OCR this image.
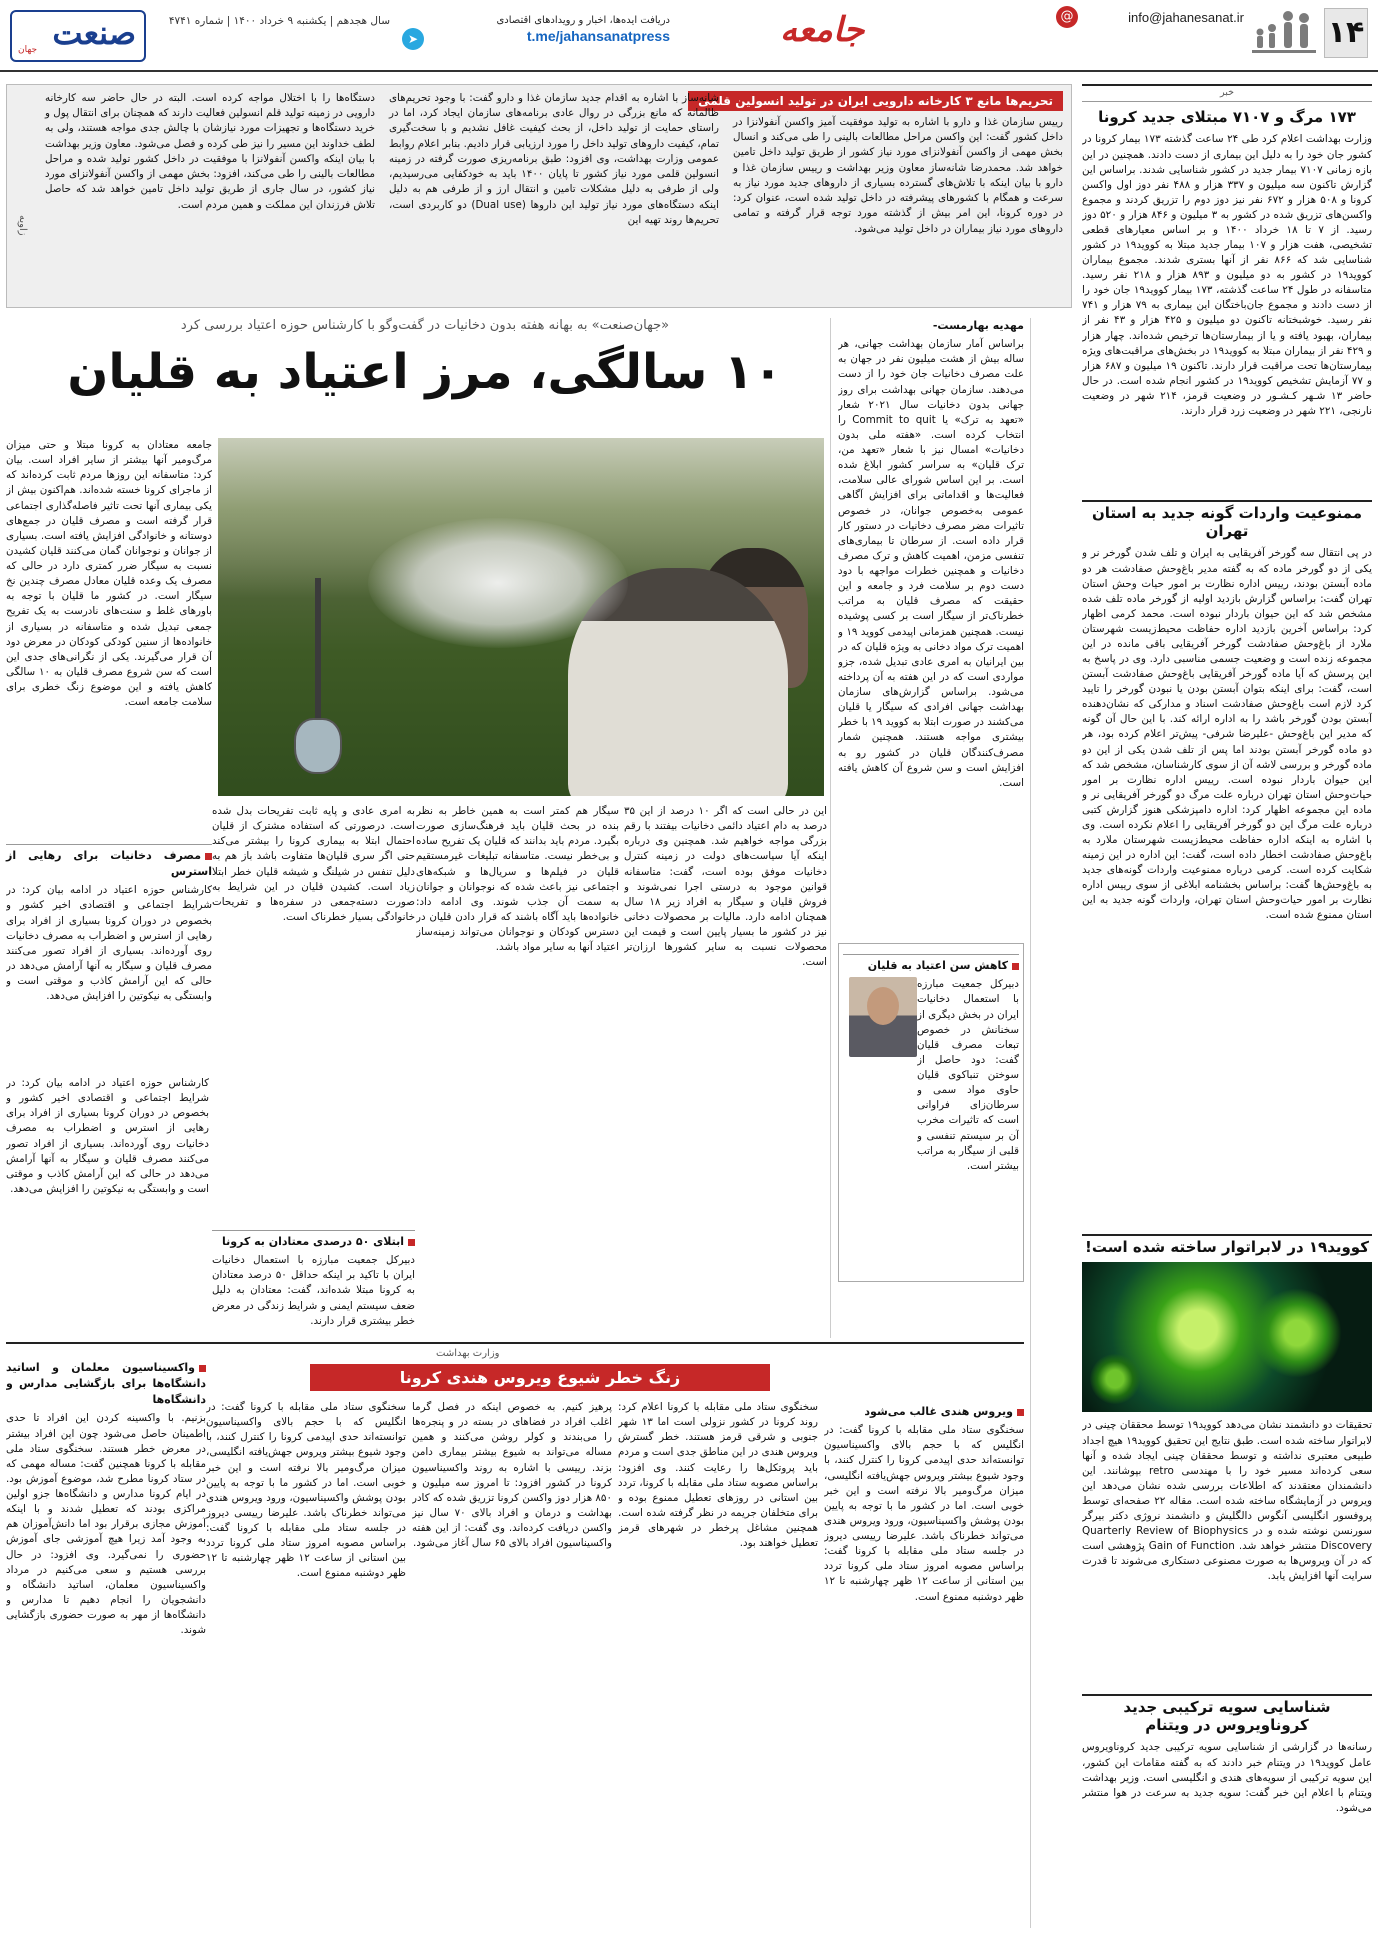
۱۴
@	info@jahanesanat.ir
جامعه
دریافت ایده‌ها، اخبار و رویدادهای اقتصادی
t.me/jahansanatpress
➤
سال هجدهم | یکشنبه ۹ خرداد ۱۴۰۰ | شماره ۴۷۴۱
صنعت
جهان
خبر
۱۷۳ مرگ و ۷۱۰۷ مبتلای جدید کرونا
وزارت بهداشت اعلام کرد طی ۲۴ ساعت گذشته ۱۷۳ بیمار کرونا در کشور جان خود را به دلیل این بیماری از دست دادند. همچنین در این بازه زمانی ۷۱۰۷ بیمار جدید در کشور شناسایی شدند. براساس این گزارش تاکنون سه میلیون و ۳۳۷ هزار و ۴۸۸ نفر دوز اول واکسن کرونا و ۵۰۸ هزار و ۶۷۲ نفر نیز دوز دوم را تزریق کردند و مجموع واکسن‌های تزریق شده در کشور به ۳ میلیون و ۸۴۶ هزار و ۵۲۰ دوز رسید. از ۷ تا ۱۸ خرداد ۱۴۰۰ و بر اساس معیارهای قطعی تشخیصی، هفت هزار و ۱۰۷ بیمار جدید مبتلا به کووید۱۹ در کشور شناسایی شد که ۸۶۶ نفر از آنها بستری شدند. مجموع بیماران کووید۱۹ در کشور به دو میلیون و ۸۹۳ هزار و ۲۱۸ نفر رسید. متاسفانه در طول ۲۴ ساعت گذشته، ۱۷۳ بیمار کووید۱۹ جان خود را از دست دادند و مجموع جان‌باختگان این بیماری به ۷۹ هزار و ۷۴۱ نفر رسید. خوشبختانه تاکنون دو میلیون و ۴۲۵ هزار و ۴۳ نفر از بیماران، بهبود یافته و یا از بیمارستان‌ها ترخیص شده‌اند. چهار هزار و ۴۲۹ نفر از بیماران مبتلا به کووید۱۹ در بخش‌های مراقبت‌های ویژه بیمارستان‌ها تحت مراقبت قرار دارند. تاکنون ۱۹ میلیون و ۶۸۷ هزار و ۷۷ آزمایش تشخیص کووید۱۹ در کشور انجام شده است. در حال حاضر ۱۳ شـهر کـشـور در وضعیت قرمز، ۲۱۴ شهر در وضعیت نارنجی، ۲۲۱ شهر در وضعیت زرد قرار دارند.
ممنوعیت واردات گونه جدید به استان تهران
در پی انتقال سه گورخر آفریقایی به ایران و تلف شدن گورخر نر و یکی از دو گورخر ماده که به گفته مدیر باغ‌وحش صفادشت هر دو ماده آبستن بودند، رییس اداره نظارت بر امور حیات وحش استان تهران گفت: براساس گزارش بازدید اولیه از گورخر ماده تلف شده مشخص شد که این حیوان باردار نبوده است. محمد کرمی اظهار کرد: براساس آخرین بازدید اداره حفاظت محیط‌زیست شهرستان ملارد از باغ‌وحش صفادشت گورخر آفریقایی باقی مانده در این مجموعه زنده است و وضعیت جسمی مناسبی دارد. وی در پاسخ به این پرسش که آیا ماده گورخر آفریقایی باغ‌وحش صفادشت آبستن است، گفت: برای اینکه بتوان آبستن بودن یا نبودن گورخر را تایید کرد لازم است باغ‌وحش صفادشت اسناد و مدارکی که نشان‌دهنده آبستن بودن گورخر باشد را به اداره ارائه کند. با این حال آن گونه که مدیر این باغ‌وحش -علیرضا شرفی- پیش‌تر اعلام کرده بود، هر دو ماده گورخر آبستن بودند اما پس از تلف شدن یکی از این دو ماده گورخر و بررسی لاشه آن از سوی کارشناسان، مشخص شد که این حیوان باردار نبوده است. رییس اداره نظارت بر امور حیات‌وحش استان تهران درباره علت مرگ دو گورخر آفریقایی نر و ماده این مجموعه اظهار کرد: اداره دامپزشکی هنوز گزارش کتبی درباره علت مرگ این دو گورخر آفریقایی را اعلام نکرده است. وی با اشاره به اینکه اداره حفاظت محیط‌زیست شهرستان ملارد به باغ‌وحش صفادشت اخطار داده است، گفت: این اداره در این زمینه شکایت کرده است. کرمی درباره ممنوعیت واردات گونه‌های جدید به باغ‌وحش‌ها گفت: براساس بخشنامه ابلاغی از سوی رییس اداره نظارت بر امور حیات‌وحش استان تهران، واردات گونه جدید به این استان ممنوع شده است.
کووید۱۹ در لابراتوار ساخته شده است!
تحقیقات دو دانشمند نشان می‌دهد کووید۱۹ توسط محققان چینی در لابراتوار ساخته شده است. طبق نتایج این تحقیق کووید۱۹ هیچ اجداد طبیعی معتبری نداشته و توسط محققان چینی ایجاد شده و آنها سعی کرده‌اند مسیر خود را با مهندسی retro بپوشانند. این دانشمندان معتقدند که اطلاعات بررسی شده نشان می‌دهد این ویروس در آزمایشگاه ساخته شده است. مقاله ۲۲ صفحه‌ای توسط پروفسور انگلیسی آنگوس دالگلیش و دانشمند نروژی دکتر بیرگر سورنسن نوشته شده و در Quarterly Review of Biophysics Discovery منتشر خواهد شد. Gain of Function پژوهشی است که در آن ویروس‌ها به صورت مصنوعی دستکاری می‌شوند تا قدرت سرایت آنها افزایش یابد.
شناسایی سویه ترکیبی جدید کروناویروس در ویتنام
رسانه‌ها در گزارشی از شناسایی سویه ترکیبی جدید کروناویروس عامل کووید۱۹ در ویتنام خبر دادند که به گفته مقامات این کشور، این سویه ترکیبی از سویه‌های هندی و انگلیسی است. وزیر بهداشت ویتنام با اعلام این خبر گفت: سویه جدید به سرعت در هوا منتشر می‌شود.
تحریم‌ها مانع ۳ کارخانه دارویی ایران در تولید انسولین قلمی
رییس سازمان غذا و دارو با اشاره به تولید موفقیت آمیز واکسن آنفولانزا در داخل کشور گفت: این واکسن مراحل مطالعات بالینی را طی می‌کند و انسال بخش مهمی از واکسن آنفولانزای مورد نیاز کشور از طریق تولید داخل تامین خواهد شد. محمدرضا شانه‌ساز معاون وزیر بهداشت و رییس سازمان غذا و دارو با بیان اینکه با تلاش‌های گسترده بسیاری از داروهای جدید مورد نیاز به سرعت و همگام با کشورهای پیشرفته در داخل تولید شده است، عنوان کرد: در دوره کرونا، این امر بیش از گذشته مورد توجه قرار گرفته و تمامی داروهای مورد نیاز بیماران در داخل تولید می‌شود.
شانه‌ساز با اشاره به اقدام جدید سازمان غذا و دارو گفت: با وجود تحریم‌های ظالمانه که مانع بزرگی در روال عادی برنامه‌های سازمان ایجاد کرد، اما در راستای حمایت از تولید داخل، از بحث کیفیت غافل نشدیم و با سخت‌گیری تمام، کیفیت داروهای تولید داخل را مورد ارزیابی قرار دادیم. بنابر اعلام روابط عمومی وزارت بهداشت، وی افزود: طبق برنامه‌ریزی صورت گرفته در زمینه انسولین قلمی مورد نیاز کشور تا پایان ۱۴۰۰ باید به خودکفایی می‌رسیدیم، ولی از طرفی به دلیل مشکلات تامین و انتقال ارز و از طرفی هم به دلیل اینکه دستگاه‌های مورد نیاز تولید این داروها (Dual use) دو کاربردی است، تحریم‌ها روند تهیه این
دستگاه‌ها را با اختلال مواجه کرده است. البته در حال حاضر سه کارخانه دارویی در زمینه تولید قلم انسولین فعالیت دارند که همچنان برای انتقال پول و خرید دستگاه‌ها و تجهیزات مورد نیازشان با چالش جدی مواجه هستند، ولی به لطف خداوند این مسیر را نیز طی کرده و فصل می‌شود. معاون وزیر بهداشت با بیان اینکه واکسن آنفولانزا با موفقیت در داخل کشور تولید شده و مراحل مطالعات بالینی را طی می‌کند، افزود: بخش مهمی از واکسن آنفولانزای مورد نیاز کشور، در سال جاری از طریق تولید داخل تامین خواهد شد که حاصل تلاش فرزندان این مملکت و همین مردم است.
زاویه
«جهان‌صنعت» به بهانه هفته بدون دخانیات در گفت‌وگو با کارشناس حوزه اعتیاد بررسی کرد
۱۰ سالگی، مرز اعتیاد به قلیان
مهدیه بهارمست-
براساس آمار سازمان بهداشت جهانی، هر ساله بیش از هشت میلیون نفر در جهان به علت مصرف دخانیات جان خود را از دست می‌دهند. سازمان جهانی بهداشت برای روز جهانی بدون دخانیات سال ۲۰۲۱ شعار «تعهد به ترک» یا Commit to quit را انتخاب کرده است. «هفته ملی بدون دخانیات» امسال نیز با شعار «تعهد من، ترک قلیان» به سراسر کشور ابلاغ شده است. بر این اساس شورای عالی سلامت، فعالیت‌ها و اقداماتی برای افزایش آگاهی عمومی به‌خصوص جوانان، در خصوص تاثیرات مضر مصرف دخانیات در دستور کار قرار داده است. از سرطان تا بیماری‌های تنفسی مزمن، اهمیت کاهش و ترک مصرف دخانیات و همچنین خطرات مواجهه با دود دست دوم بر سلامت فرد و جامعه و این حقیقت که مصرف قلیان به مراتب خطرناک‌تر از سیگار است بر کسی پوشیده نیست. همچنین همزمانی اپیدمی کووید ۱۹ و اهمیت ترک مواد دخانی به ویژه قلیان که در بین ایرانیان به امری عادی تبدیل شده، جزو مواردی است که در این هفته به آن پرداخته می‌شود. براساس گزارش‌های سازمان بهداشت جهانی افرادی که سیگار یا قلیان می‌کشند در صورت ابتلا به کووید ۱۹ با خطر بیشتری مواجه هستند. همچنین شمار مصرف‌کنندگان قلیان در کشور رو به افزایش است و سن شروع آن کاهش یافته است.
کاهش سن اعتیاد به قلیان
دبیرکل جمعیت مبارزه با استعمال دخانیات ایران در بخش دیگری از سخنانش در خصوص تبعات مصرف قلیان گفت: دود حاصل از سوختن تنباکوی قلیان حاوی مواد سمی و سرطان‌زای فراوانی است که تاثیرات مخرب آن بر سیستم تنفسی و قلبی از سیگار به مراتب بیشتر است.
جامعه معتادان به کرونا مبتلا و حتی میزان مرگ‌ومیر آنها بیشتر از سایر افراد است. بیان کرد: متاسفانه این روزها مردم ثابت کرده‌اند که از ماجرای کرونا خسته شده‌اند. هم‌اکنون بیش از یکی بیماری آنها تحت تاثیر فاصله‌گذاری اجتماعی قرار گرفته است و مصرف قلیان در جمع‌های دوستانه و خانوادگی افزایش یافته است. بسیاری از جوانان و نوجوانان گمان می‌کنند قلیان کشیدن نسبت به سیگار ضرر کمتری دارد در حالی که مصرف یک وعده قلیان معادل مصرف چندین نخ سیگار است. در کشور ما قلیان با توجه به باورهای غلط و سنت‌های نادرست به یک تفریح جمعی تبدیل شده و متاسفانه در بسیاری از خانواده‌ها از سنین کودکی کودکان در معرض دود آن قرار می‌گیرند. یکی از نگرانی‌های جدی این است که سن شروع مصرف قلیان به ۱۰ سالگی کاهش یافته و این موضوع زنگ خطری برای سلامت جامعه است.
مصرف دخانیات برای رهایی از استرس
کارشناس حوزه اعتیاد در ادامه بیان کرد: در شرایط اجتماعی و اقتصادی اخیر کشور و بخصوص در دوران کرونا بسیاری از افراد برای رهایی از استرس و اضطراب به مصرف دخانیات روی آورده‌اند. بسیاری از افراد تصور می‌کنند مصرف قلیان و سیگار به آنها آرامش می‌دهد در حالی که این آرامش کاذب و موقتی است و وابستگی به نیکوتین را افزایش می‌دهد.
این در حالی است که اگر ۱۰ درصد از این ۳۵ درصد به دام اعتیاد دائمی دخانیات بیفتند با رقم بزرگی مواجه خواهیم شد. همچنین وی درباره اینکه آیا سیاست‌های دولت در زمینه کنترل دخانیات موفق بوده است، گفت: متاسفانه قوانین موجود به درستی اجرا نمی‌شوند و فروش قلیان و سیگار به افراد زیر ۱۸ سال همچنان ادامه دارد. مالیات بر محصولات دخانی نیز در کشور ما بسیار پایین است و قیمت این محصولات نسبت به سایر کشورها ارزان‌تر است.
سیگار هم کمتر است به همین خاطر به نظر بنده در بحث قلیان باید فرهنگ‌سازی صورت بگیرد. مردم باید بدانند که قلیان یک تفریح ساده و بی‌خطر نیست. متاسفانه تبلیغات غیرمستقیم قلیان در فیلم‌ها و سریال‌ها و شبکه‌های اجتماعی نیز باعث شده که نوجوانان و جوانان به سمت آن جذب شوند. وی ادامه داد: خانواده‌ها باید آگاه باشند که قرار دادن قلیان در دسترس کودکان و نوجوانان می‌تواند زمینه‌ساز اعتیاد آنها به سایر مواد باشد.
به امری عادی و پایه ثابت تفریحات بدل شده است. درصورتی که استفاده مشترک از قلیان احتمال ابتلا به بیماری کرونا را بیشتر می‌کند حتی اگر سری قلیان‌ها متفاوت باشد باز هم به دلیل تنفس در شیلنگ و شیشه قلیان خطر ابتلا زیاد است. کشیدن قلیان در این شرایط به صورت دسته‌جمعی در سفره‌ها و تفریحات خانوادگی بسیار خطرناک است.
ابتلای ۵۰ درصدی معتادان به کرونا
دبیرکل جمعیت مبارزه با استعمال دخانیات ایران با تاکید بر اینکه حداقل ۵۰ درصد معتادان به کرونا مبتلا شده‌اند، گفت: معتادان به دلیل ضعف سیستم ایمنی و شرایط زندگی در معرض خطر بیشتری قرار دارند.
کارشناس حوزه اعتیاد در ادامه بیان کرد: در شرایط اجتماعی و اقتصادی اخیر کشور و بخصوص در دوران کرونا بسیاری از افراد برای رهایی از استرس و اضطراب به مصرف دخانیات روی آورده‌اند. بسیاری از افراد تصور می‌کنند مصرف قلیان و سیگار به آنها آرامش می‌دهد در حالی که این آرامش کاذب و موقتی است و وابستگی به نیکوتین را افزایش می‌دهد.
وزارت بهداشت
زنگ خطر شیوع ویروس هندی کرونا
ویروس هندی غالب می‌شود
سخنگوی ستاد ملی مقابله با کرونا گفت: در انگلیس که با حجم بالای واکسیناسیون توانسته‌اند حدی اپیدمی کرونا را کنترل کنند، با وجود شیوع بیشتر ویروس جهش‌یافته انگلیسی، میزان مرگ‌ومیر بالا نرفته است و این خبر خوبی است. اما در کشور ما با توجه به پایین بودن پوشش واکسیناسیون، ورود ویروس هندی می‌تواند خطرناک باشد. علیرضا رییسی دیروز در جلسه ستاد ملی مقابله با کرونا گفت: براساس مصوبه امروز ستاد ملی کرونا تردد بین استانی از ساعت ۱۲ ظهر چهارشنبه تا ۱۲ ظهر دوشنبه ممنوع است.
سخنگوی ستاد ملی مقابله با کرونا اعلام کرد: روند کرونا در کشور نزولی است اما ۱۳ شهر جنوبی و شرقی قرمز هستند. خطر گسترش ویروس هندی در این مناطق جدی است و مردم باید پروتکل‌ها را رعایت کنند. وی افزود: براساس مصوبه ستاد ملی مقابله با کرونا، تردد بین استانی در روزهای تعطیل ممنوع بوده و برای متخلفان جریمه در نظر گرفته شده است. همچنین مشاغل پرخطر در شهرهای قرمز تعطیل خواهند بود.
پرهیز کنیم. به خصوص اینکه در فصل گرما اغلب افراد در فضاهای در بسته در و پنجره‌ها را می‌بندند و کولر روشن می‌کنند و همین مساله می‌تواند به شیوع بیشتر بیماری دامن بزند. رییسی با اشاره به روند واکسیناسیون کرونا در کشور افزود: تا امروز سه میلیون و ۸۵۰ هزار دوز واکسن کرونا تزریق شده که کادر بهداشت و درمان و افراد بالای ۷۰ سال نیز واکسن دریافت کرده‌اند. وی گفت: از این هفته واکسیناسیون افراد بالای ۶۵ سال آغاز می‌شود.
سخنگوی ستاد ملی مقابله با کرونا گفت: در انگلیس که با حجم بالای واکسیناسیون توانسته‌اند حدی اپیدمی کرونا را کنترل کنند، با وجود شیوع بیشتر ویروس جهش‌یافته انگلیسی، میزان مرگ‌ومیر بالا نرفته است و این خبر خوبی است. اما در کشور ما با توجه به پایین بودن پوشش واکسیناسیون، ورود ویروس هندی می‌تواند خطرناک باشد. علیرضا رییسی دیروز در جلسه ستاد ملی مقابله با کرونا گفت: براساس مصوبه امروز ستاد ملی کرونا تردد بین استانی از ساعت ۱۲ ظهر چهارشنبه تا ۱۲ ظهر دوشنبه ممنوع است.
واکسیناسیون معلمان و اساتید دانشگاه‌ها برای بازگشایی مدارس و دانشگاه‌ها
بزنیم. با واکسینه کردن این افراد تا حدی اطمینان حاصل می‌شود چون این افراد بیشتر در معرض خطر هستند. سخنگوی ستاد ملی مقابله با کرونا همچنین گفت: مساله مهمی که در ستاد کرونا مطرح شد، موضوع آموزش بود. در ایام کرونا مدارس و دانشگاه‌ها جزو اولین مراکزی بودند که تعطیل شدند و با اینکه آموزش مجازی برقرار بود اما دانش‌آموزان هم به وجود آمد زیرا هیچ آموزشی جای آموزش حضوری را نمی‌گیرد. وی افزود: در حال بررسی هستیم و سعی می‌کنیم در مرداد واکسیناسیون معلمان، اساتید دانشگاه و دانشجویان را انجام دهیم تا مدارس و دانشگاه‌ها از مهر به صورت حضوری بازگشایی شوند.
